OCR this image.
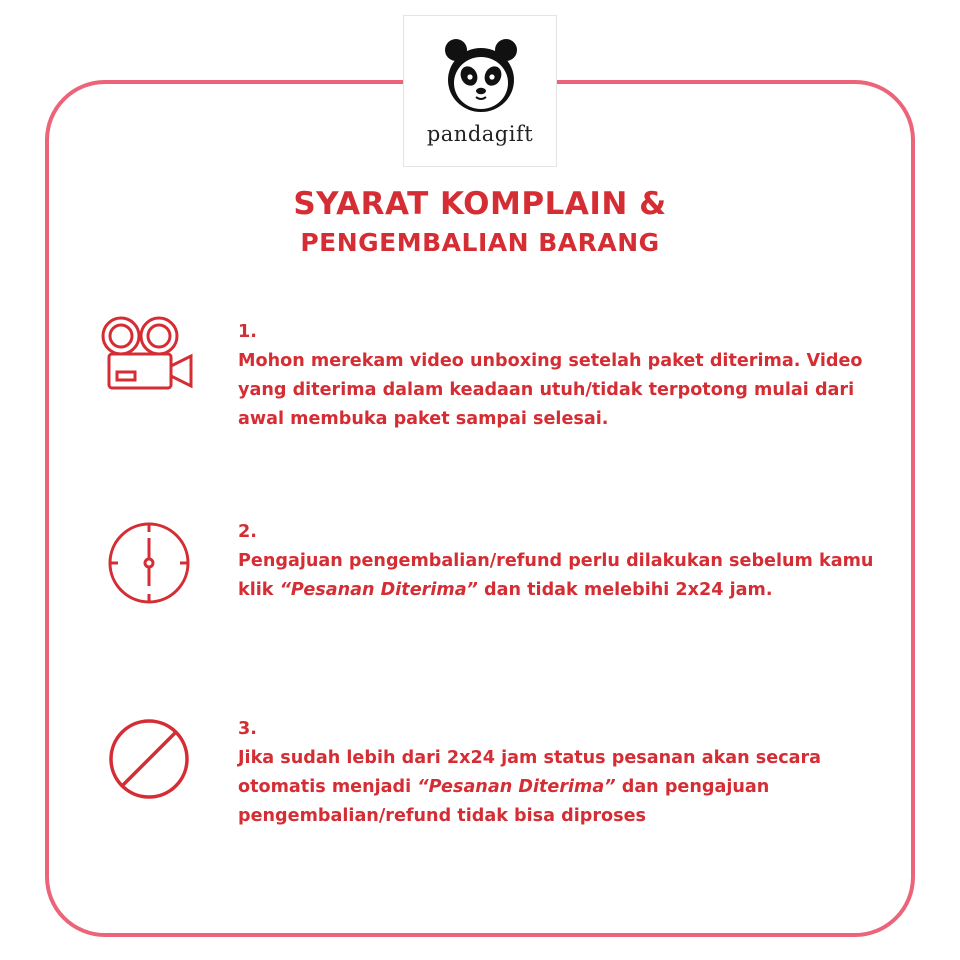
pandagift
SYARAT KOMPLAIN &
PENGEMBALIAN BARANG
1.
Mohon merekam video unboxing setelah paket diterima. Video yang diterima dalam keadaan utuh/tidak terpotong mulai dari awal membuka paket sampai selesai.
2.
Pengajuan pengembalian/refund perlu dilakukan sebelum kamu klik “Pesanan Diterima” dan tidak melebihi 2x24 jam.
3.
Jika sudah lebih dari 2x24 jam status pesanan akan secara otomatis menjadi “Pesanan Diterima” dan pengajuan pengembalian/refund tidak bisa diproses
